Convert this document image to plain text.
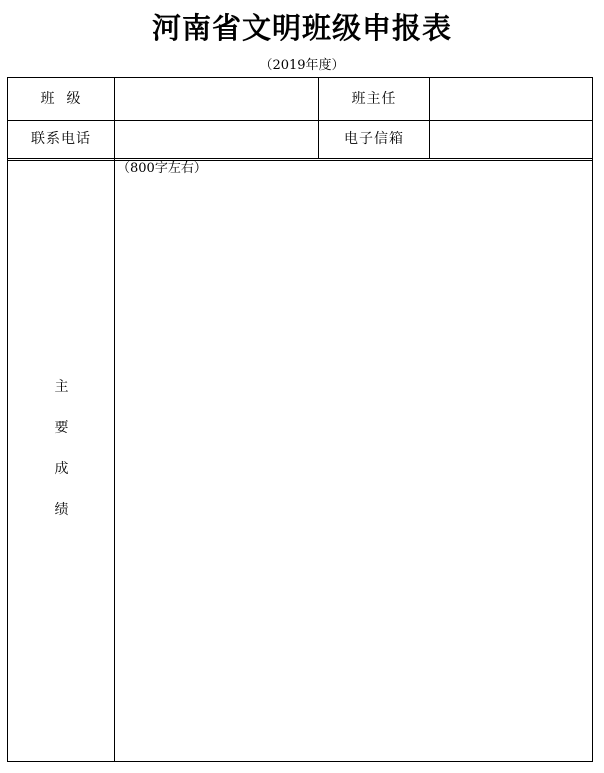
河南省文明班级申报表
（2019年度）
班  级	班主任
联系电话	电子信箱
主
要
成
绩
（800字左右）
